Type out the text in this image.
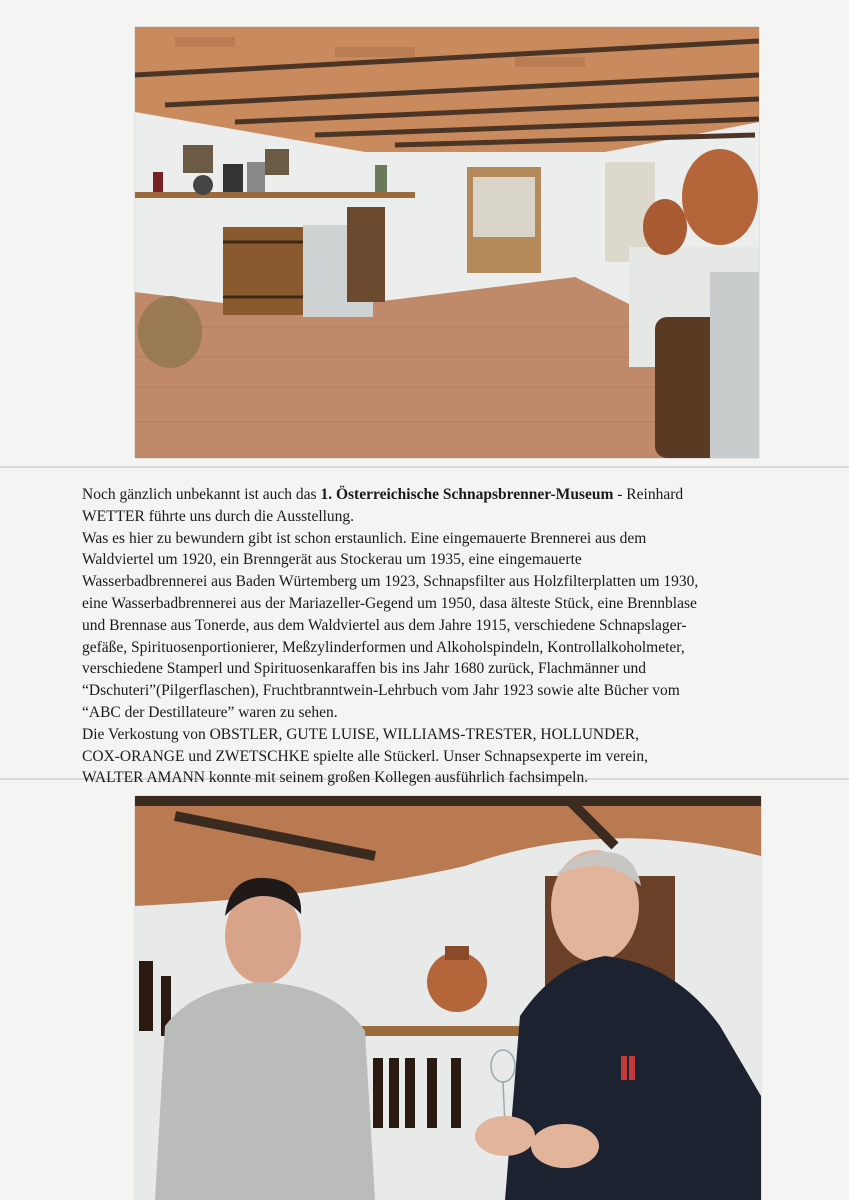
Noch gänzlich unbekannt ist auch das 1. Österreichische Schnapsbrenner-Museum - Reinhard
WETTER führte uns durch die Ausstellung.
Was es hier zu bewundern gibt ist schon erstaunlich. Eine eingemauerte Brennerei aus dem
Waldviertel um 1920, ein Brenngerät aus Stockerau um 1935, eine eingemauerte
Wasserbadbrennerei aus Baden Würtemberg um 1923, Schnapsfilter aus Holzfilterplatten um 1930,
eine Wasserbadbrennerei aus der Mariazeller-Gegend um 1950, dasa älteste Stück, eine Brennblase
und Brennase aus Tonerde, aus dem Waldviertel aus dem Jahre 1915, verschiedene Schnapslager-
gefäße, Spirituosenportionierer, Meßzylinderformen und Alkoholspindeln, Kontrollalkoholmeter,
verschiedene Stamperl und Spirituosenkaraffen bis ins Jahr 1680 zurück, Flachmänner und
“Dschuteri”(Pilgerflaschen), Fruchtbranntwein-Lehrbuch vom Jahr 1923 sowie alte Bücher vom
“ABC der Destillateure” waren zu sehen.
Die Verkostung von OBSTLER, GUTE LUISE, WILLIAMS-TRESTER, HOLLUNDER,
COX-ORANGE und ZWETSCHKE spielte alle Stückerl. Unser Schnapsexperte im verein,
WALTER AMANN konnte mit seinem großen Kollegen ausführlich fachsimpeln.
